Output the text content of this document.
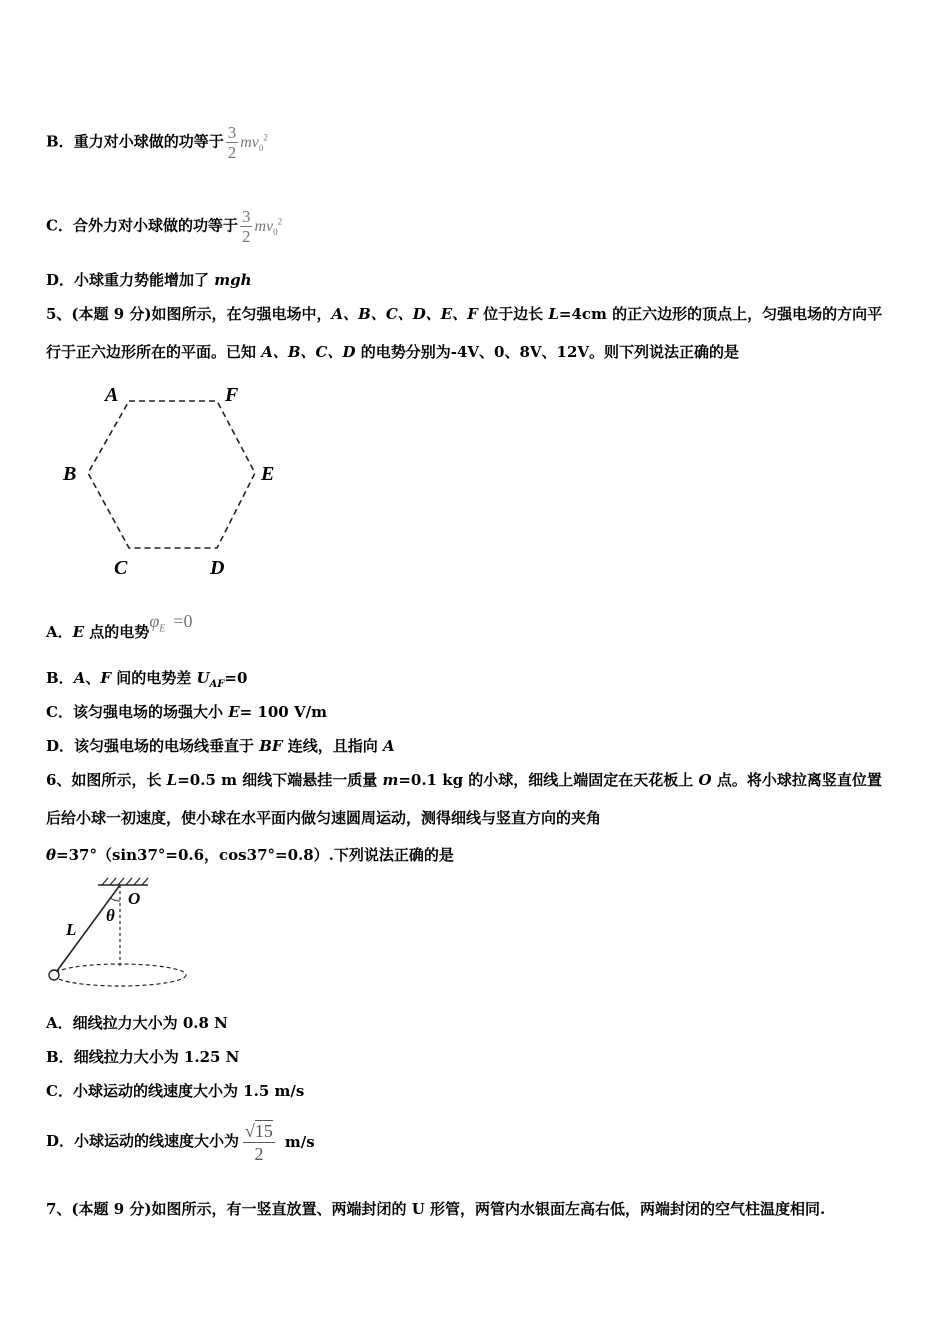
B．重力对小球做的功等于 $\frac{3}{2} mv_0^2$
C．合外力对小球做的功等于 $\frac{3}{2} mv_0^2$
D．小球重力势能增加了 mgh
5、(本题 9 分)如图所示，在匀强电场中，A、B、C、D、E、F 位于边长 L=4cm 的正六边形的顶点上，匀强电场的方向平
行于正六边形所在的平面。已知 A、B、C、D 的电势分别为-4V、0、8V、12V。则下列说法正确的是
A	F
B	E
C	D
A．E 点的电势$\varphi_E =0$
B．A、F 间的电势差 $U_{AF}=0$
C．该匀强电场的场强大小 E= 100 V/m
D．该匀强电场的电场线垂直于 BF 连线，且指向 A
6、如图所示，长 L=0.5 m 细线下端悬挂一质量 m=0.1 kg 的小球，细线上端固定在天花板上 O 点。将小球拉离竖直位置
后给小球一初速度，使小球在水平面内做匀速圆周运动，测得细线与竖直方向的夹角
θ=37°（sin37°=0.6，cos37°=0.8）.下列说法正确的是
O
θ
L
A．细线拉力大小为 0.8 N
B．细线拉力大小为 1.25 N
C．小球运动的线速度大小为 1.5 m/s
D．小球运动的线速度大小为 $\frac{√15}{2} m/s$
7、(本题 9 分)如图所示，有一竖直放置、两端封闭的 U 形管，两管内水银面左高右低，两端封闭的空气柱温度相同.
